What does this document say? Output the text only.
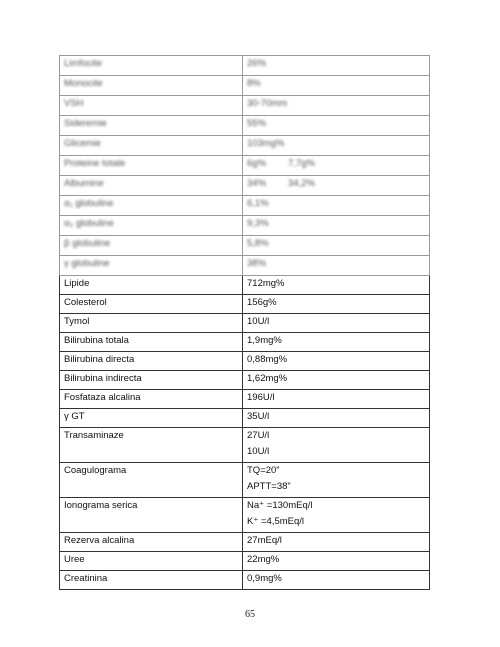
Limfocite	26%
Monocite	8%
VSH	30-70mm
Sideremie	55%
Glicemie	103mg%
Proteine totale	6g% 7,7g%
Albumine	34% 34,2%
α₁ globuline	6,1%
α₂ globuline	9,3%
β globuline	5,8%
γ globuline	38%
Lipide	712mg%

Colesterol	156g%

Tymol	10U/l

Bilirubina totala	1,9mg%

Bilirubina directa	0,88mg%

Bilirubina indirecta	1,62mg%

Fosfataza alcalina	196U/l

γ GT	35U/l

Transaminaze	27U/l
10U/l

Coagulograma	TQ=20”
APTT=38”

Ionograma serica	Na⁺ =130mEq/l
K⁺ =4,5mEq/l

Rezerva alcalina	27mEq/l

Uree	22mg%

Creatinina	0,9mg%
65
